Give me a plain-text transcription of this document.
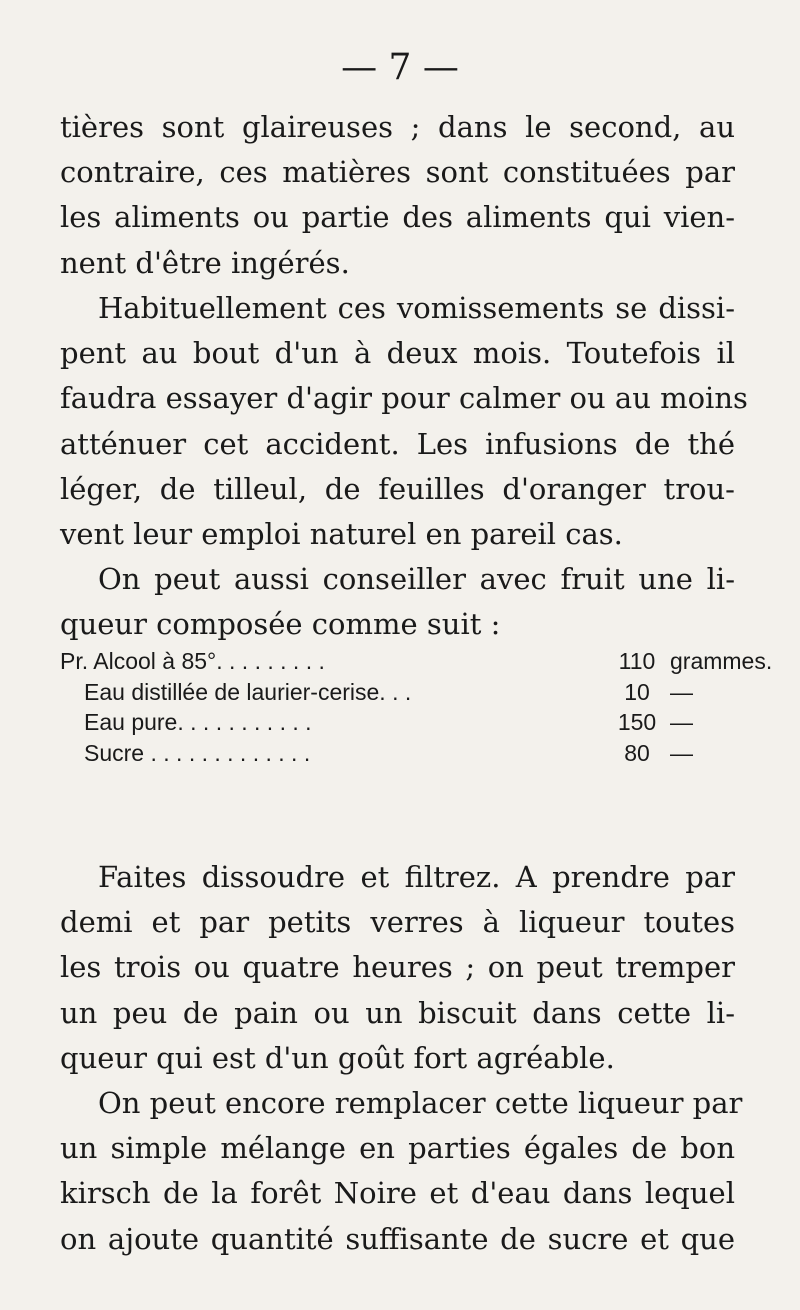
— 7 —

tières sont glaireuses ; dans le second, au
contraire, ces matières sont constituées par
les aliments ou partie des aliments qui vien-
nent d'être ingérés.

Habituellement ces vomissements se dissi-
pent au bout d'un à deux mois. Toutefois il
faudra essayer d'agir pour calmer ou au moins
atténuer cet accident. Les infusions de thé
léger, de tilleul, de feuilles d'oranger trou-
vent leur emploi naturel en pareil cas.

On peut aussi conseiller avec fruit une li-
queur composée comme suit :

Pr. Alcool à 85°. . . . . . . . .	110 grammes.
Eau distillée de laurier-cerise. . .	10 —
Eau pure. . . . . . . . . . .	150 —
Sucre . . . . . . . . . . . . .	80 —

Faites dissoudre et filtrez. A prendre par
demi et par petits verres à liqueur toutes
les trois ou quatre heures ; on peut tremper
un peu de pain ou un biscuit dans cette li-
queur qui est d'un goût fort agréable.

On peut encore remplacer cette liqueur par
un simple mélange en parties égales de bon
kirsch de la forêt Noire et d'eau dans lequel
on ajoute quantité suffisante de sucre et que
